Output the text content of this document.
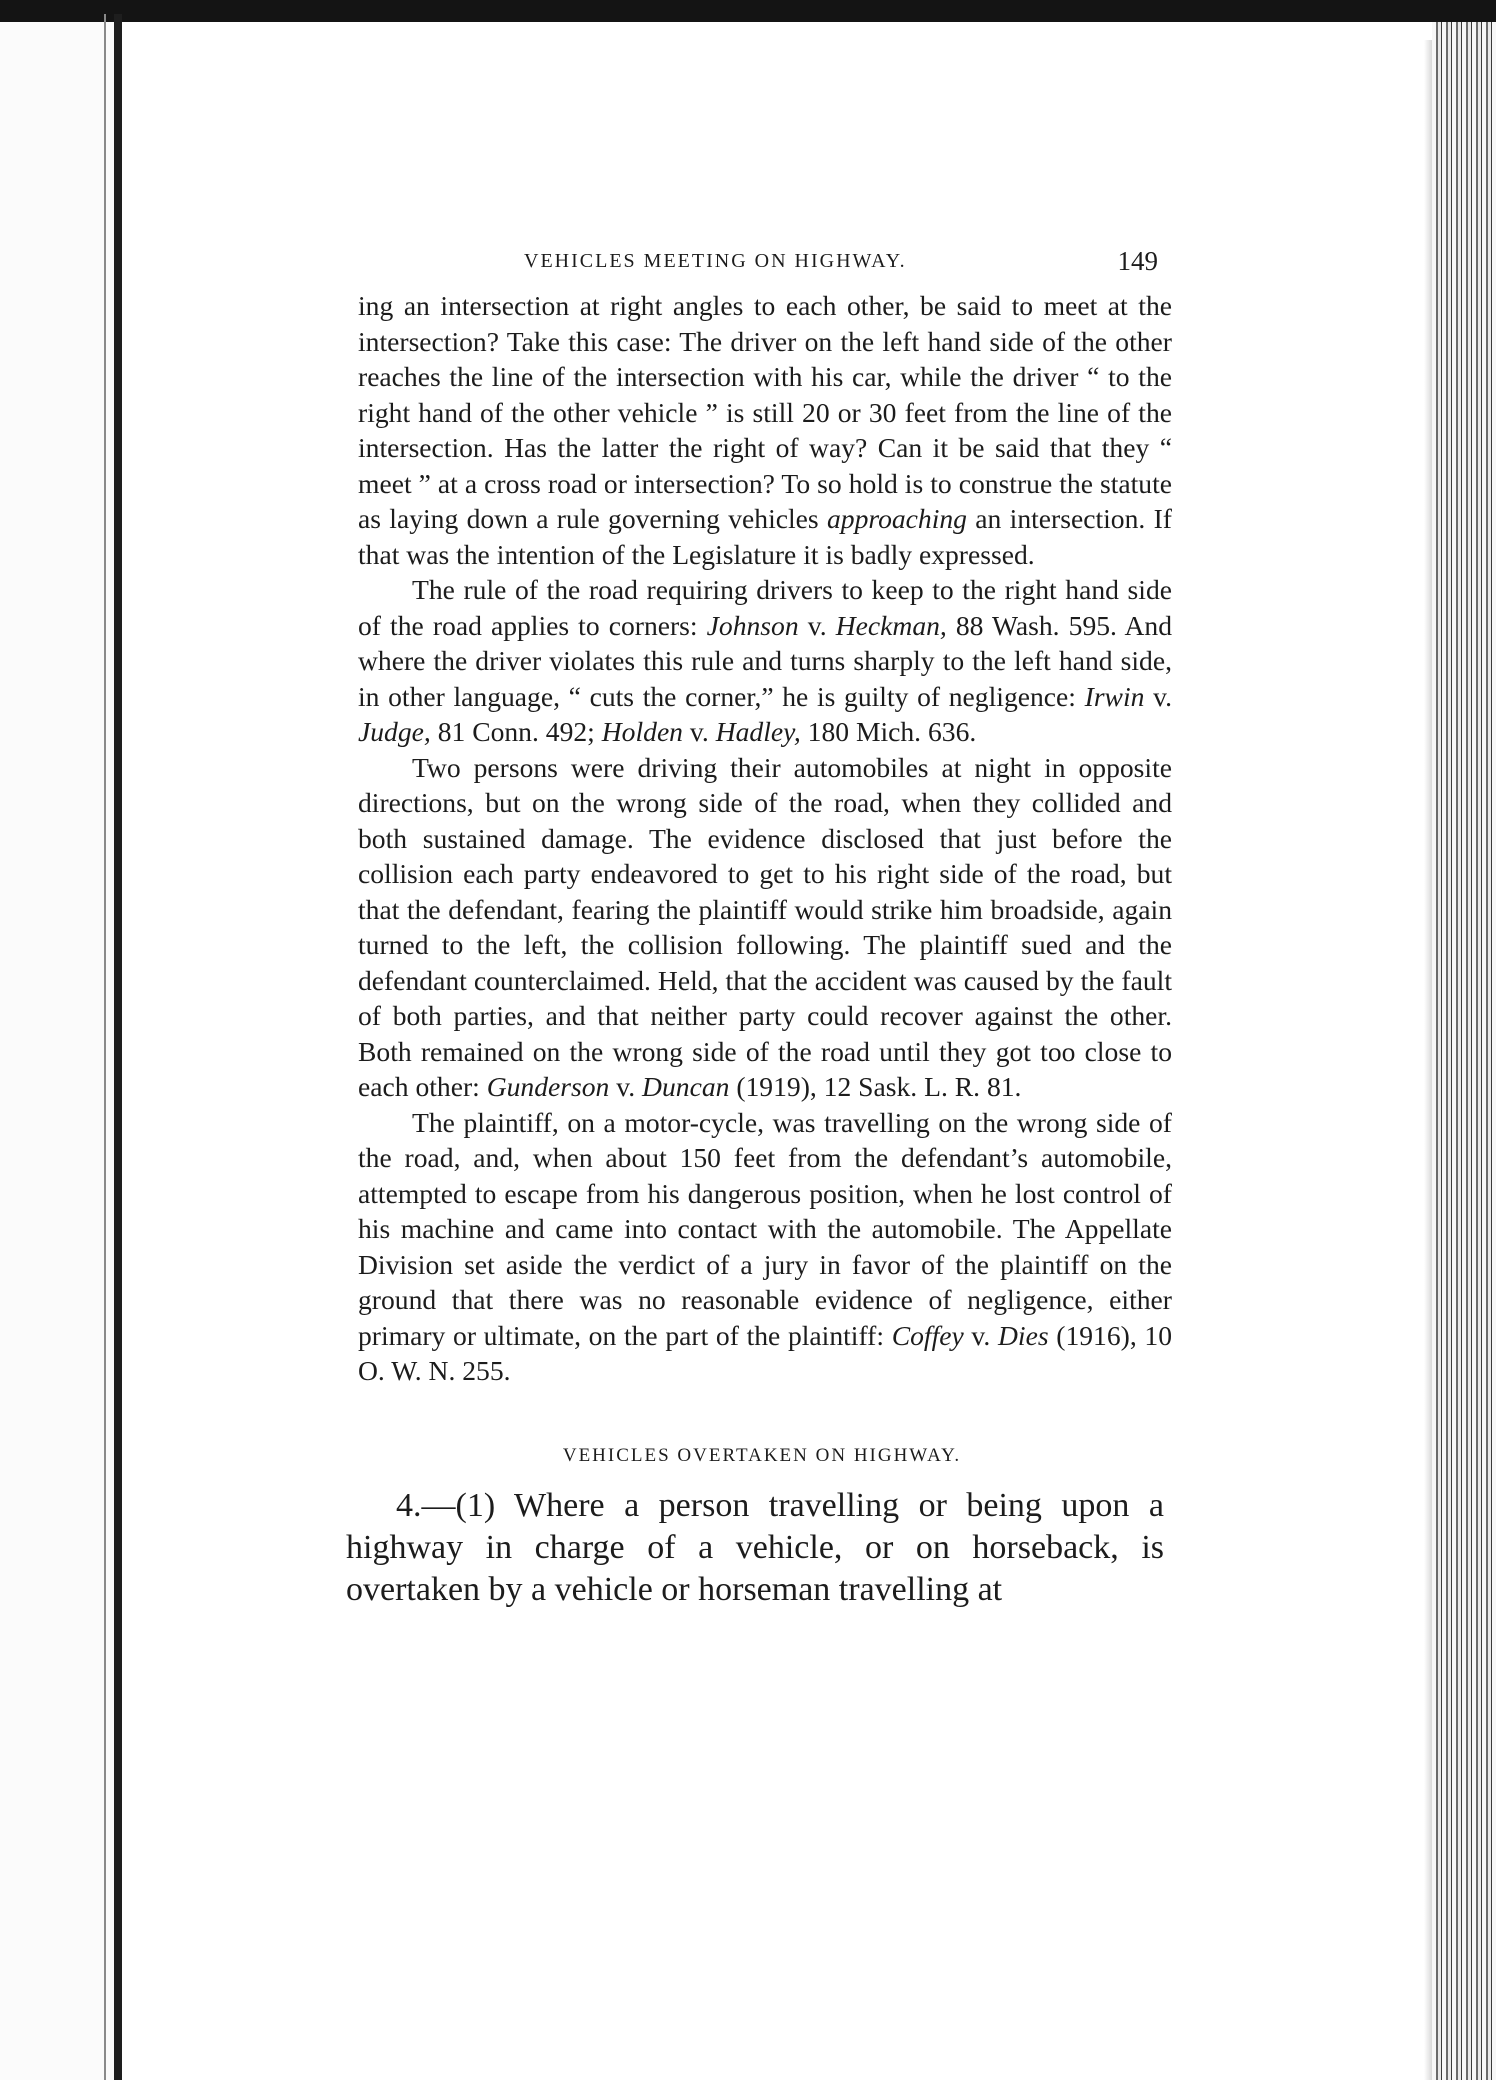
VEHICLES MEETING ON HIGHWAY.	149

ing an intersection at right angles to each other, be said to meet at the intersection? Take this case: The driver on the left hand side of the other reaches the line of the intersection with his car, while the driver “ to the right hand of the other vehicle ” is still 20 or 30 feet from the line of the intersection. Has the latter the right of way? Can it be said that they “ meet ” at a cross road or intersection? To so hold is to construe the statute as laying down a rule governing vehicles approaching an intersection. If that was the intention of the Legislature it is badly expressed.

The rule of the road requiring drivers to keep to the right hand side of the road applies to corners: Johnson v. Heckman, 88 Wash. 595. And where the driver violates this rule and turns sharply to the left hand side, in other language, “ cuts the corner,” he is guilty of negligence: Irwin v. Judge, 81 Conn. 492; Holden v. Hadley, 180 Mich. 636.

Two persons were driving their automobiles at night in opposite directions, but on the wrong side of the road, when they collided and both sustained damage. The evidence disclosed that just before the collision each party endeavored to get to his right side of the road, but that the defendant, fearing the plaintiff would strike him broadside, again turned to the left, the collision following. The plaintiff sued and the defendant counterclaimed. Held, that the accident was caused by the fault of both parties, and that neither party could recover against the other. Both remained on the wrong side of the road until they got too close to each other: Gunderson v. Duncan (1919), 12 Sask. L. R. 81.

The plaintiff, on a motor-cycle, was travelling on the wrong side of the road, and, when about 150 feet from the defendant’s automobile, attempted to escape from his dangerous position, when he lost control of his machine and came into contact with the automobile. The Appellate Division set aside the verdict of a jury in favor of the plaintiff on the ground that there was no reasonable evidence of negligence, either primary or ultimate, on the part of the plaintiff: Coffey v. Dies (1916), 10 O. W. N. 255.

VEHICLES OVERTAKEN ON HIGHWAY.

4.—(1) Where a person travelling or being upon a highway in charge of a vehicle, or on horseback, is overtaken by a vehicle or horseman travelling at
